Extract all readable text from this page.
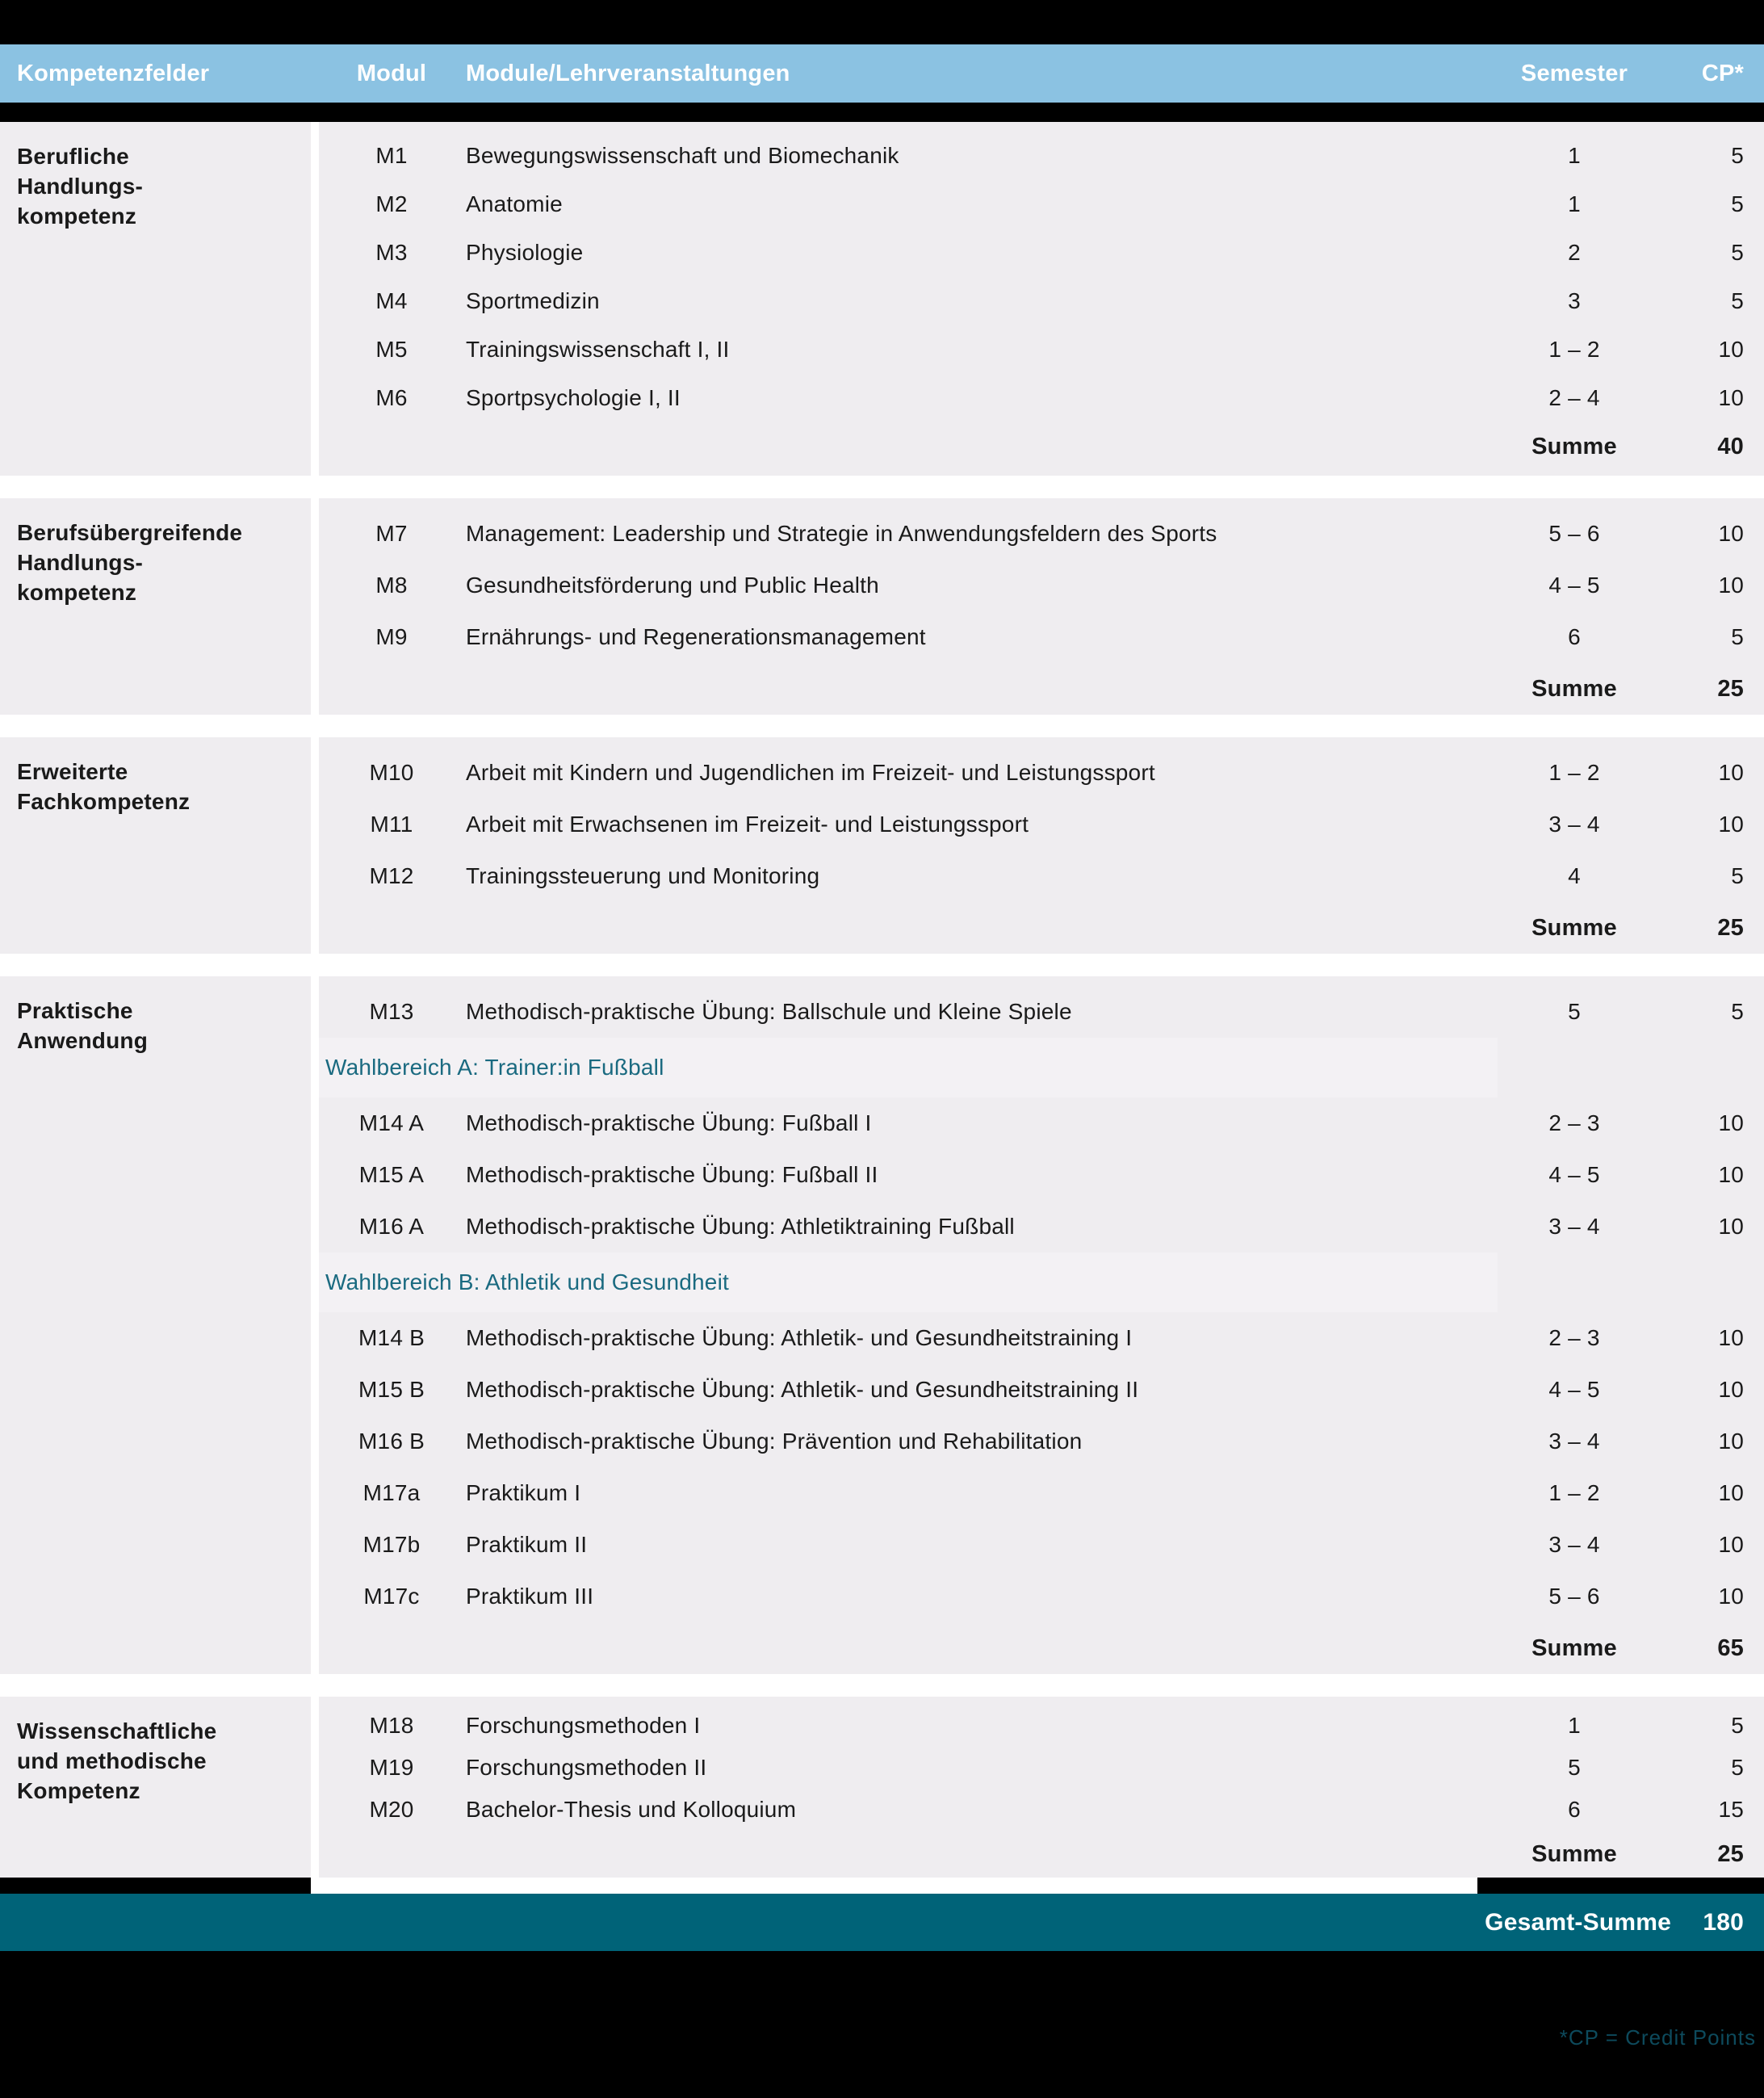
Kompetenzfelder	Modul	Module/Lehrveranstaltungen	Semester	CP*
Berufliche
Handlungs-
kompetenz
M1	Bewegungswissenschaft und Biomechanik	1	5
M2	Anatomie	1	5
M3	Physiologie	2	5
M4	Sportmedizin	3	5
M5	Trainingswissenschaft I, II	1 – 2	10
M6	Sportpsychologie I, II	2 – 4	10
Summe	40
Berufsübergreifende
Handlungs-
kompetenz
M7	Management: Leadership und Strategie in Anwendungsfeldern des Sports	5 – 6	10
M8	Gesundheitsförderung und Public Health	4 – 5	10
M9	Ernährungs- und Regenerationsmanagement	6	5
Summe	25
Erweiterte
Fachkompetenz
M10	Arbeit mit Kindern und Jugendlichen im Freizeit- und Leistungssport	1 – 2	10
M11	Arbeit mit Erwachsenen im Freizeit- und Leistungssport	3 – 4	10
M12	Trainingssteuerung und Monitoring	4	5
Summe	25
Praktische
Anwendung
M13	Methodisch-praktische Übung: Ballschule und Kleine Spiele	5	5
Wahlbereich A: Trainer:in Fußball
M14 A	Methodisch-praktische Übung: Fußball I	2 – 3	10
M15 A	Methodisch-praktische Übung: Fußball II	4 – 5	10
M16 A	Methodisch-praktische Übung: Athletiktraining Fußball	3 – 4	10
Wahlbereich B: Athletik und Gesundheit
M14 B	Methodisch-praktische Übung: Athletik- und Gesundheitstraining I	2 – 3	10
M15 B	Methodisch-praktische Übung: Athletik- und Gesundheitstraining II	4 – 5	10
M16 B	Methodisch-praktische Übung: Prävention und Rehabilitation	3 – 4	10
M17a	Praktikum I	1 – 2	10
M17b	Praktikum II	3 – 4	10
M17c	Praktikum III	5 – 6	10
Summe	65
Wissenschaftliche
und methodische
Kompetenz
M18	Forschungsmethoden I	1	5
M19	Forschungsmethoden II	5	5
M20	Bachelor-Thesis und Kolloquium	6	15
Summe	25
Gesamt-Summe	180
*CP = Credit Points
